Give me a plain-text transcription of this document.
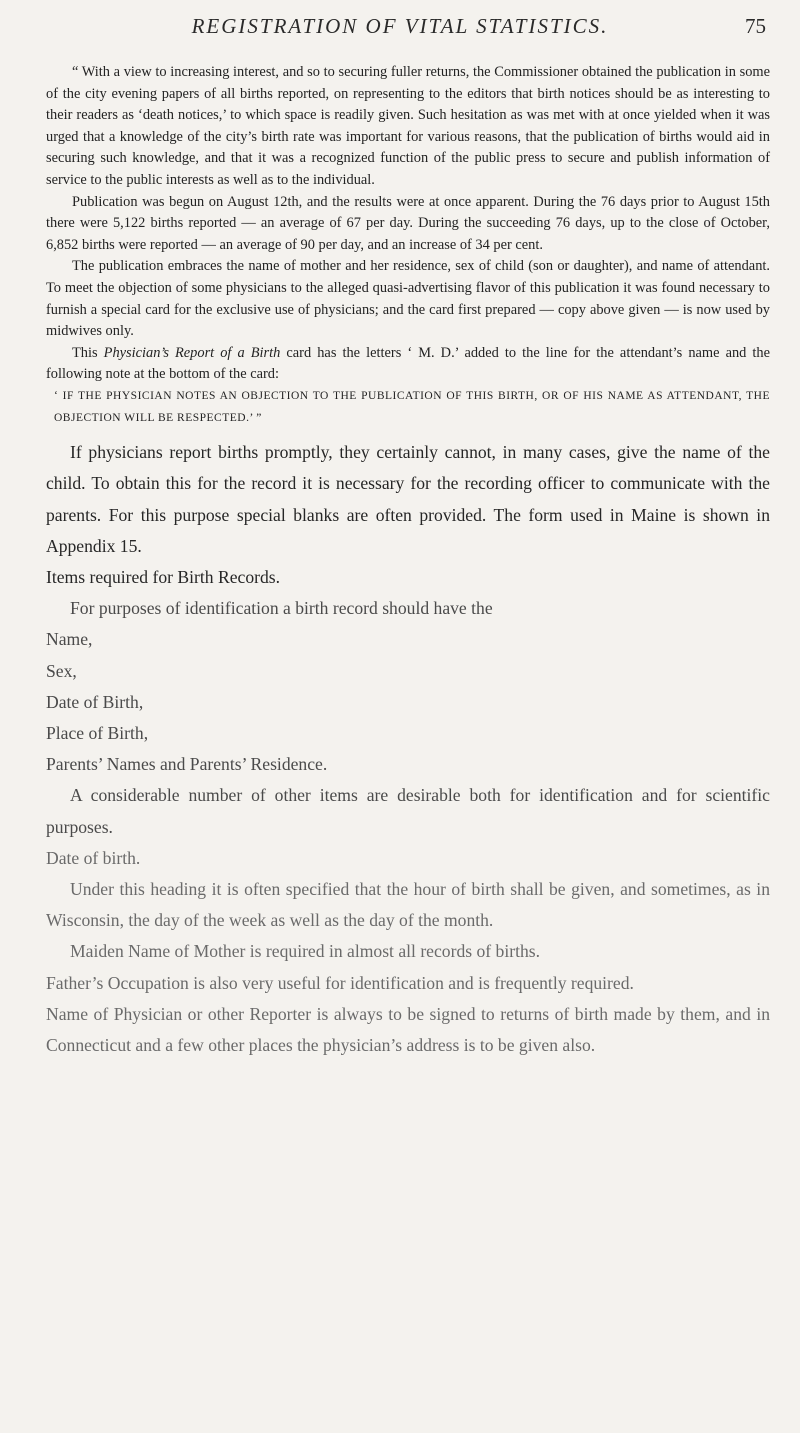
REGISTRATION OF VITAL STATISTICS.	75

“ With a view to increasing interest, and so to securing fuller returns, the Commissioner obtained the publication in some of the city evening papers of all births reported, on representing to the editors that birth notices should be as interesting to their readers as ‘death notices,’ to which space is readily given. Such hesitation as was met with at once yielded when it was urged that a knowledge of the city’s birth rate was important for various reasons, that the publication of births would aid in securing such knowledge, and that it was a recognized function of the public press to secure and publish information of service to the public interests as well as to the individual.

Publication was begun on August 12th, and the results were at once apparent. During the 76 days prior to August 15th there were 5,122 births reported — an average of 67 per day. During the succeeding 76 days, up to the close of October, 6,852 births were reported — an average of 90 per day, and an increase of 34 per cent.

The publication embraces the name of mother and her residence, sex of child (son or daughter), and name of attendant. To meet the objection of some physicians to the alleged quasi-advertising flavor of this publication it was found necessary to furnish a special card for the exclusive use of physicians; and the card first prepared — copy above given — is now used by midwives only.

This Physician’s Report of a Birth card has the letters ‘ M. D.’ added to the line for the attendant’s name and the following note at the bottom of the card:

‘ IF THE PHYSICIAN NOTES AN OBJECTION TO THE PUBLICATION OF THIS BIRTH, OR OF HIS NAME AS ATTENDANT, THE OBJECTION WILL BE RESPECTED.’ ”

If physicians report births promptly, they certainly cannot, in many cases, give the name of the child. To obtain this for the record it is necessary for the recording officer to communicate with the parents. For this purpose special blanks are often provided. The form used in Maine is shown in Appendix 15.

Items required for Birth Records.

For purposes of identification a birth record should have the

Name,

Sex,

Date of Birth,

Place of Birth,

Parents’ Names and Parents’ Residence.

A considerable number of other items are desirable both for identification and for scientific purposes.

Date of birth.

Under this heading it is often specified that the hour of birth shall be given, and sometimes, as in Wisconsin, the day of the week as well as the day of the month.

Maiden Name of Mother is required in almost all records of births.

Father’s Occupation is also very useful for identification and is frequently required.

Name of Physician or other Reporter is always to be signed to returns of birth made by them, and in Connecticut and a few other places the physician’s address is to be given also.
